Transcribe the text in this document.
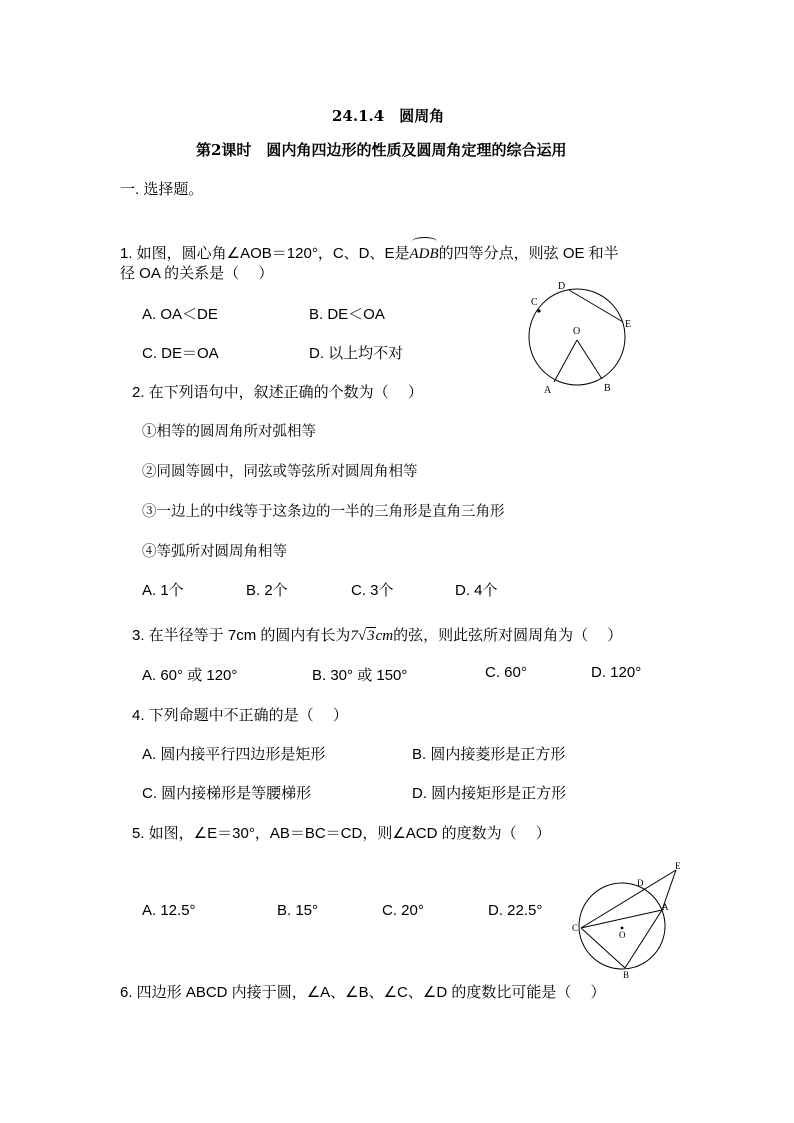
24.1.4　圆周角
第2课时　圆内角四边形的性质及圆周角定理的综合运用
一. 选择题。
1. 如图，圆心角∠AOB＝120°，C、D、E是
ADB的四等分点，则弦 OE 和半
径 OA 的关系是（　 ）
A. OA＜DE	B. DE＜OA
C. DE＝OA	D. 以上均不对
D
C
E
O
A	B
2. 在下列语句中，叙述正确的个数为（　 ）
①相等的圆周角所对弧相等
②同圆等圆中，同弦或等弦所对圆周角相等
③一边上的中线等于这条边的一半的三角形是直角三角形
④等弧所对圆周角相等
A. 1个	B. 2个	C. 3个	D. 4个
3. 在半径等于 7cm 的圆内有长为7√3cm的弦，则此弦所对圆周角为（　 ）
A. 60° 或 120°	B. 30° 或 150°	C. 60°	D. 120°
4. 下列命题中不正确的是（　 ）
A. 圆内接平行四边形是矩形	B. 圆内接菱形是正方形
C. 圆内接梯形是等腰梯形	D. 圆内接矩形是正方形
5. 如图，∠E＝30°，AB＝BC＝CD，则∠ACD 的度数为（　 ）
A. 12.5°	B. 15°	C. 20°	D. 22.5°
E
D
A
C
O
B
6. 四边形 ABCD 内接于圆，∠A、∠B、∠C、∠D 的度数比可能是（　 ）
